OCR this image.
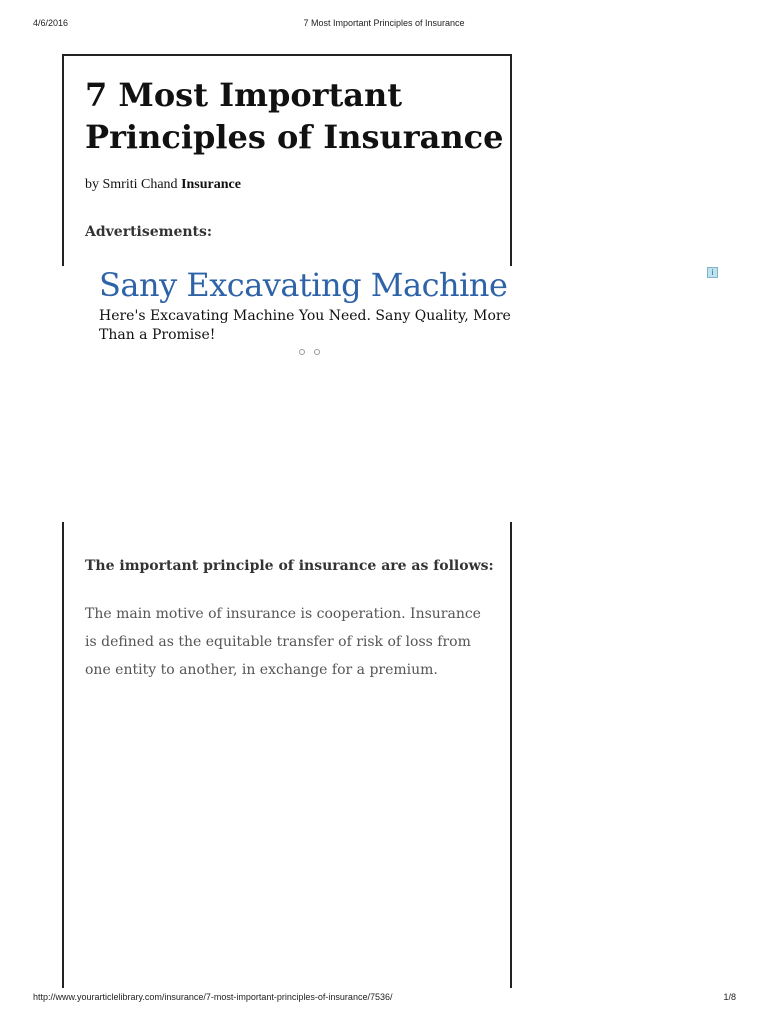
4/6/2016	7 Most Important Principles of Insurance
7 Most Important Principles of Insurance
by Smriti Chand Insurance
Advertisements:
Sany Excavating Machine
Here's Excavating Machine You Need. Sany Quality, More Than a Promise!
i
The important principle of insurance are as follows:

The main motive of insurance is cooperation. Insurance is defined as the equitable transfer of risk of loss from one entity to another, in exchange for a premium.

http://www.yourarticlelibrary.com/insurance/7-most-important-principles-of-insurance/7536/	1/8
